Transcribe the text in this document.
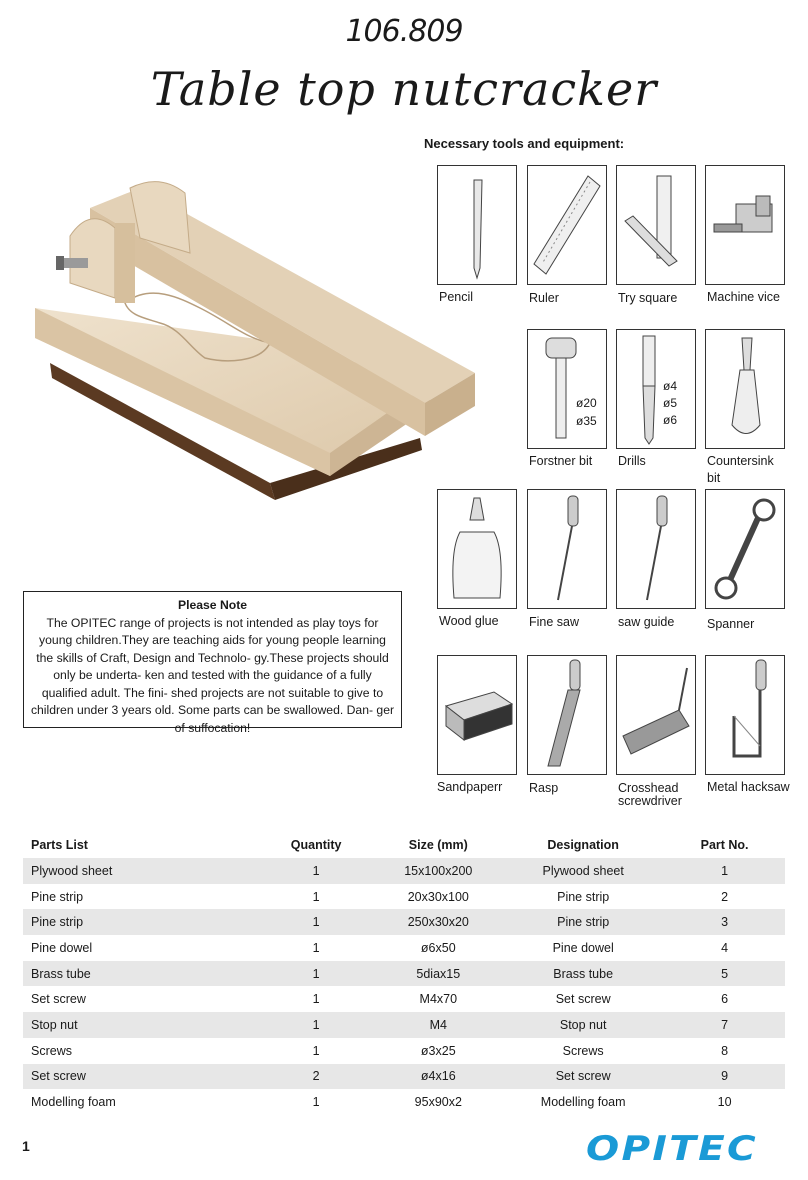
106.809
Table top nutcracker
Necessary tools and equipment:
Pencil	Ruler	Try square	Machine vice
ø20
ø35
Forstner bit
ø4
ø5
ø6
Drills	Countersink bit
Wood glue	Fine saw	saw guide	Spanner
Sandpaperr	Rasp	Crosshead screwdriver
Metal hacksaw
Please Note
The OPITEC range of projects is not intended as play toys for young children.They are teaching aids for young people learning the skills of Craft, Design and Technolo- gy.These projects should only be underta- ken and tested with the guidance of a fully qualified adult. The fini- shed projects are not suitable to give to children under 3 years old. Some parts can be swallowed. Dan- ger of suffocation!
Parts List	Quantity	Size (mm)	Designation	Part No.
Plywood sheet	1	15x100x200	Plywood sheet	1
Pine strip	1	20x30x100	Pine strip	2
Pine strip	1	250x30x20	Pine strip	3
Pine dowel	1	ø6x50	Pine dowel	4
Brass tube	1	5diax15	Brass tube	5
Set screw	1	M4x70	Set screw	6
Stop nut	1	M4	Stop nut	7
Screws	1	ø3x25	Screws	8
Set screw	2	ø4x16	Set screw	9
Modelling foam	1	95x90x2	Modelling foam	10
1	OPITEC
